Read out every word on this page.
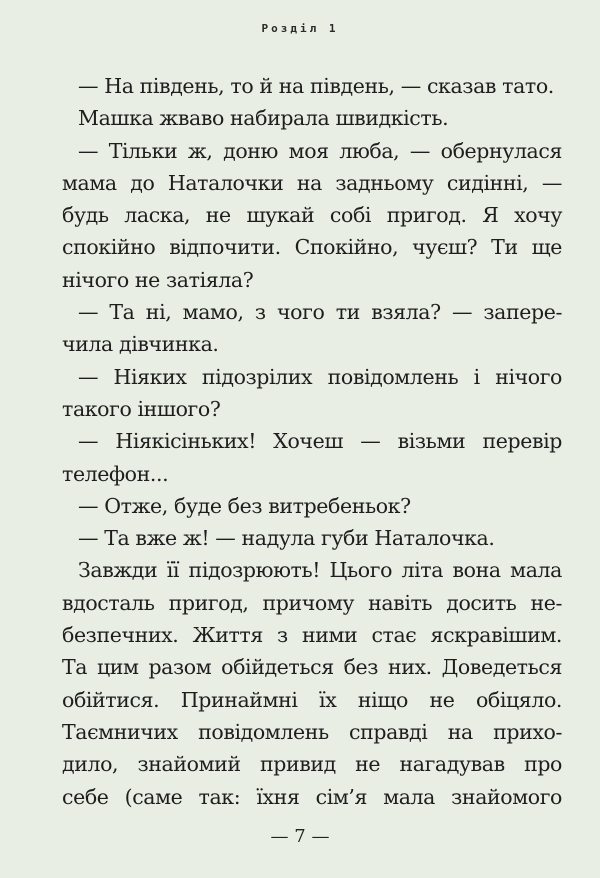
Розділ 1
— На південь, то й на південь, — сказав тато.
Машка жваво набирала швидкість.
— Тільки ж, доню моя люба, — обернулася
мама до Наталочки на задньому сидінні, —
будь ласка, не шукай собі пригод. Я хочу
спокійно відпочити. Спокійно, чуєш? Ти ще
нічого не затіяла?
— Та ні, мамо, з чого ти взяла? — запере-
чила дівчинка.
— Ніяких підозрілих повідомлень і нічого
такого іншого?
— Ніякісінькиx! Хочеш — візьми перевір
телефон...
— Отже, буде без витребеньок?
— Та вже ж! — надула губи Наталочка.
Завжди її підозрюють! Цього літа вона мала
вдосталь пригод, причому навіть досить не-
безпечних. Життя з ними стає яскравішим.
Та цим разом обійдеться без них. Доведеться
обійтися. Принаймні їх ніщо не обіцяло.
Таємничих повідомлень справді на прихо-
дило, знайомий привид не нагадував про
себе (саме так: їхня сім’я мала знайомого
— 7 —
